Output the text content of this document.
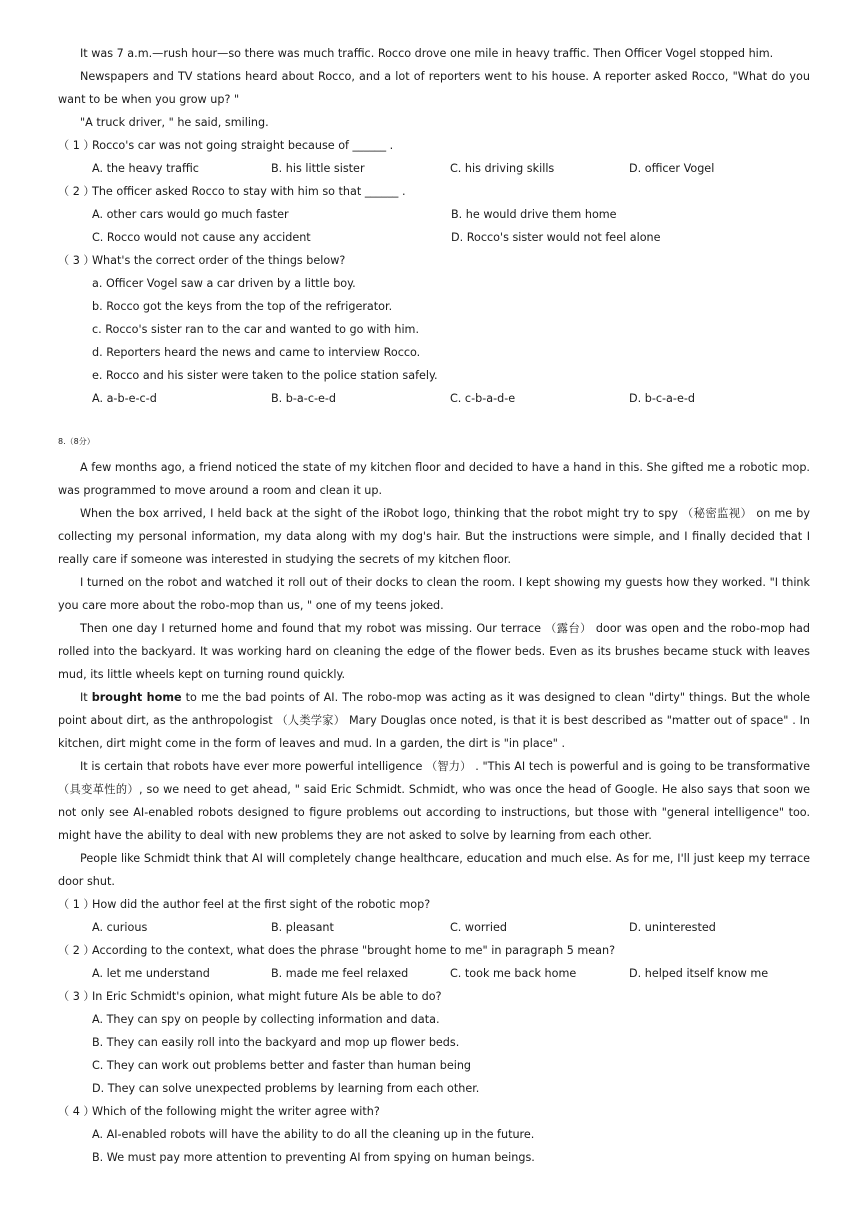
It was 7 a.m.—rush hour—so there was much traffic. Rocco drove one mile in heavy traffic. Then Officer Vogel stopped him.
Newspapers and TV stations heard about Rocco, and a lot of reporters went to his house. A reporter asked Rocco, "What do you
want to be when you grow up? "
"A truck driver, " he said, smiling.
（ 1 ）Rocco's car was not going straight because of ______ .
A. the heavy traffic	B. his little sister	C. his driving skills	D. officer Vogel
（ 2 ）The officer asked Rocco to stay with him so that ______ .
A. other cars would go much faster	B. he would drive them home
C. Rocco would not cause any accident	D. Rocco's sister would not feel alone
（ 3 ）What's the correct order of the things below?
a. Officer Vogel saw a car driven by a little boy.
b. Rocco got the keys from the top of the refrigerator.
c. Rocco's sister ran to the car and wanted to go with him.
d. Reporters heard the news and came to interview Rocco.
e. Rocco and his sister were taken to the police station safely.
A. a-b-e-c-d	B. b-a-c-e-d	C. c-b-a-d-e	D. b-c-a-e-d
8.（8分）
A few months ago, a friend noticed the state of my kitchen floor and decided to have a hand in this. She gifted me a robotic mop.
was programmed to move around a room and clean it up.
When the box arrived, I held back at the sight of the iRobot logo, thinking that the robot might try to spy （秘密监视） on me by
collecting my personal information, my data along with my dog's hair. But the instructions were simple, and I finally decided that I
really care if someone was interested in studying the secrets of my kitchen floor.
I turned on the robot and watched it roll out of their docks to clean the room. I kept showing my guests how they worked. "I think
you care more about the robo-mop than us, " one of my teens joked.
Then one day I returned home and found that my robot was missing. Our terrace （露台） door was open and the robo-mop had
rolled into the backyard. It was working hard on cleaning the edge of the flower beds. Even as its brushes became stuck with leaves
mud, its little wheels kept on turning round quickly.
It brought home to me the bad points of AI. The robo-mop was acting as it was designed to clean "dirty" things. But the whole
point about dirt, as the anthropologist （人类学家） Mary Douglas once noted, is that it is best described as "matter out of space" . In
kitchen, dirt might come in the form of leaves and mud. In a garden, the dirt is "in place" .
It is certain that robots have ever more powerful intelligence （智力） . "This AI tech is powerful and is going to be transformative
（具变革性的）, so we need to get ahead, " said Eric Schmidt. Schmidt, who was once the head of Google. He also says that soon we
not only see AI-enabled robots designed to figure problems out according to instructions, but those with "general intelligence" too.
might have the ability to deal with new problems they are not asked to solve by learning from each other.
People like Schmidt think that AI will completely change healthcare, education and much else. As for me, I'll just keep my terrace
door shut.
（ 1 ）How did the author feel at the first sight of the robotic mop?
A. curious	B. pleasant	C. worried	D. uninterested
（ 2 ）According to the context, what does the phrase "brought home to me" in paragraph 5 mean?
A. let me understand	B. made me feel relaxed	C. took me back home	D. helped itself know me
（ 3 ）In Eric Schmidt's opinion, what might future AIs be able to do?
A. They can spy on people by collecting information and data.
B. They can easily roll into the backyard and mop up flower beds.
C. They can work out problems better and faster than human being
D. They can solve unexpected problems by learning from each other.
（ 4 ）Which of the following might the writer agree with?
A. AI-enabled robots will have the ability to do all the cleaning up in the future.
B. We must pay more attention to preventing AI from spying on human beings.
